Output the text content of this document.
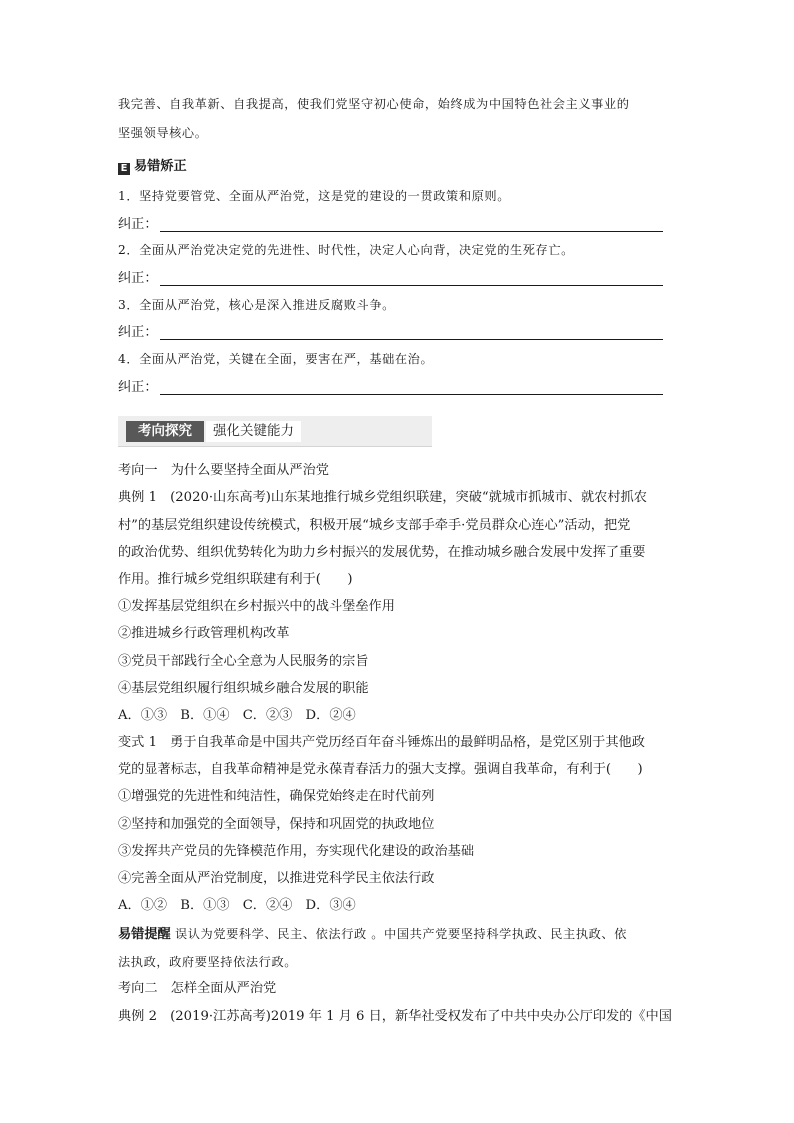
我完善、自我革新、自我提高，使我们党坚守初心使命，始终成为中国特色社会主义事业的
坚强领导核心。
E 易错矫正
1．坚持党要管党、全面从严治党，这是党的建设的一贯政策和原则。
纠正：
2．全面从严治党决定党的先进性、时代性，决定人心向背，决定党的生死存亡。
纠正：
3．全面从严治党，核心是深入推进反腐败斗争。
纠正：
4．全面从严治党，关键在全面，要害在严，基础在治。
纠正：
考向探究	强化关键能力
考向一　为什么要坚持全面从严治党
典例 1　(2020·山东高考)山东某地推行城乡党组织联建，突破“就城市抓城市、就农村抓农
村”的基层党组织建设传统模式，积极开展“城乡支部手牵手·党员群众心连心”活动，把党
的政治优势、组织优势转化为助力乡村振兴的发展优势，在推动城乡融合发展中发挥了重要
作用。推行城乡党组织联建有利于(　　)
①发挥基层党组织在乡村振兴中的战斗堡垒作用
②推进城乡行政管理机构改革
③党员干部践行全心全意为人民服务的宗旨
④基层党组织履行组织城乡融合发展的职能
A．①③　B．①④　C．②③　D．②④
变式 1　勇于自我革命是中国共产党历经百年奋斗锤炼出的最鲜明品格，是党区别于其他政
党的显著标志，自我革命精神是党永葆青春活力的强大支撑。强调自我革命，有利于(　　)
①增强党的先进性和纯洁性，确保党始终走在时代前列
②坚持和加强党的全面领导，保持和巩固党的执政地位
③发挥共产党员的先锋模范作用，夯实现代化建设的政治基础
④完善全面从严治党制度，以推进党科学民主依法行政
A．①②　B．①③　C．②④　D．③④
易错提醒 误认为党要科学、民主、依法行政 。中国共产党要坚持科学执政、民主执政、依
法执政，政府要坚持依法行政。
考向二　怎样全面从严治党
典例 2　(2019·江苏高考)2019 年 1 月 6 日，新华社受权发布了中共中央办公厅印发的《中国
